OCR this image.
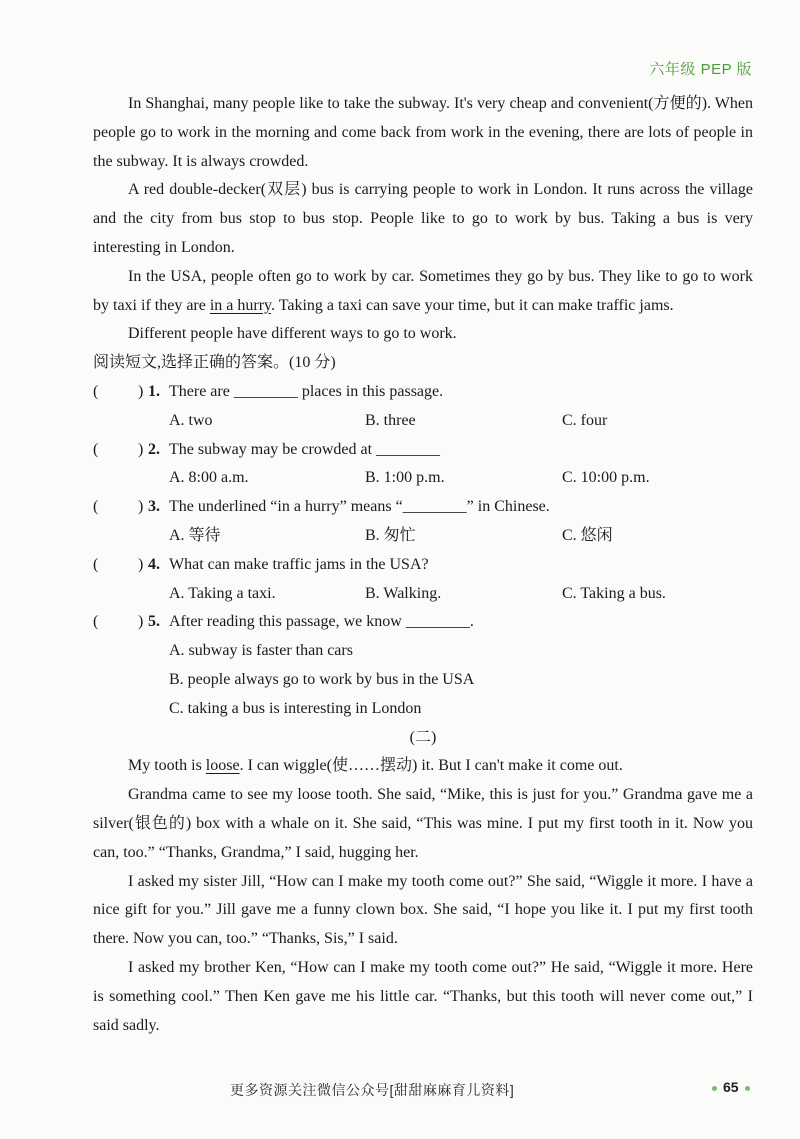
六年级 PEP 版

In Shanghai, many people like to take the subway. It's very cheap and convenient(方便的). When people go to work in the morning and come back from work in the evening, there are lots of people in the subway. It is always crowded.

A red double-decker(双层) bus is carrying people to work in London. It runs across the village and the city from bus stop to bus stop. People like to go to work by bus. Taking a bus is very interesting in London.

In the USA, people often go to work by car. Sometimes they go by bus. They like to go to work by taxi if they are in a hurry. Taking a taxi can save your time, but it can make traffic jams.

Different people have different ways to go to work.

阅读短文,选择正确的答案。(10 分)

( ) 1. There are ________ places in this passage.
A. two	B. three	C. four
( ) 2. The subway may be crowded at ________
A. 8:00 a.m.	B. 1:00 p.m.	C. 10:00 p.m.
( ) 3. The underlined “in a hurry” means “________” in Chinese.
A. 等待	B. 匆忙	C. 悠闲
( ) 4. What can make traffic jams in the USA?
A. Taking a taxi.	B. Walking.	C. Taking a bus.
( ) 5. After reading this passage, we know ________.
A. subway is faster than cars
B. people always go to work by bus in the USA
C. taking a bus is interesting in London
(二)

My tooth is loose. I can wiggle(使……摆动) it. But I can't make it come out.

Grandma came to see my loose tooth. She said, “Mike, this is just for you.” Grandma gave me a silver(银色的) box with a whale on it. She said, “This was mine. I put my first tooth in it. Now you can, too.” “Thanks, Grandma,” I said, hugging her.

I asked my sister Jill, “How can I make my tooth come out?” She said, “Wiggle it more. I have a nice gift for you.” Jill gave me a funny clown box. She said, “I hope you like it. I put my first tooth there. Now you can, too.” “Thanks, Sis,” I said.

I asked my brother Ken, “How can I make my tooth come out?” He said, “Wiggle it more. Here is something cool.” Then Ken gave me his little car. “Thanks, but this tooth will never come out,” I said sadly.

更多资源关注微信公众号[甜甜麻麻育儿资料]	65
